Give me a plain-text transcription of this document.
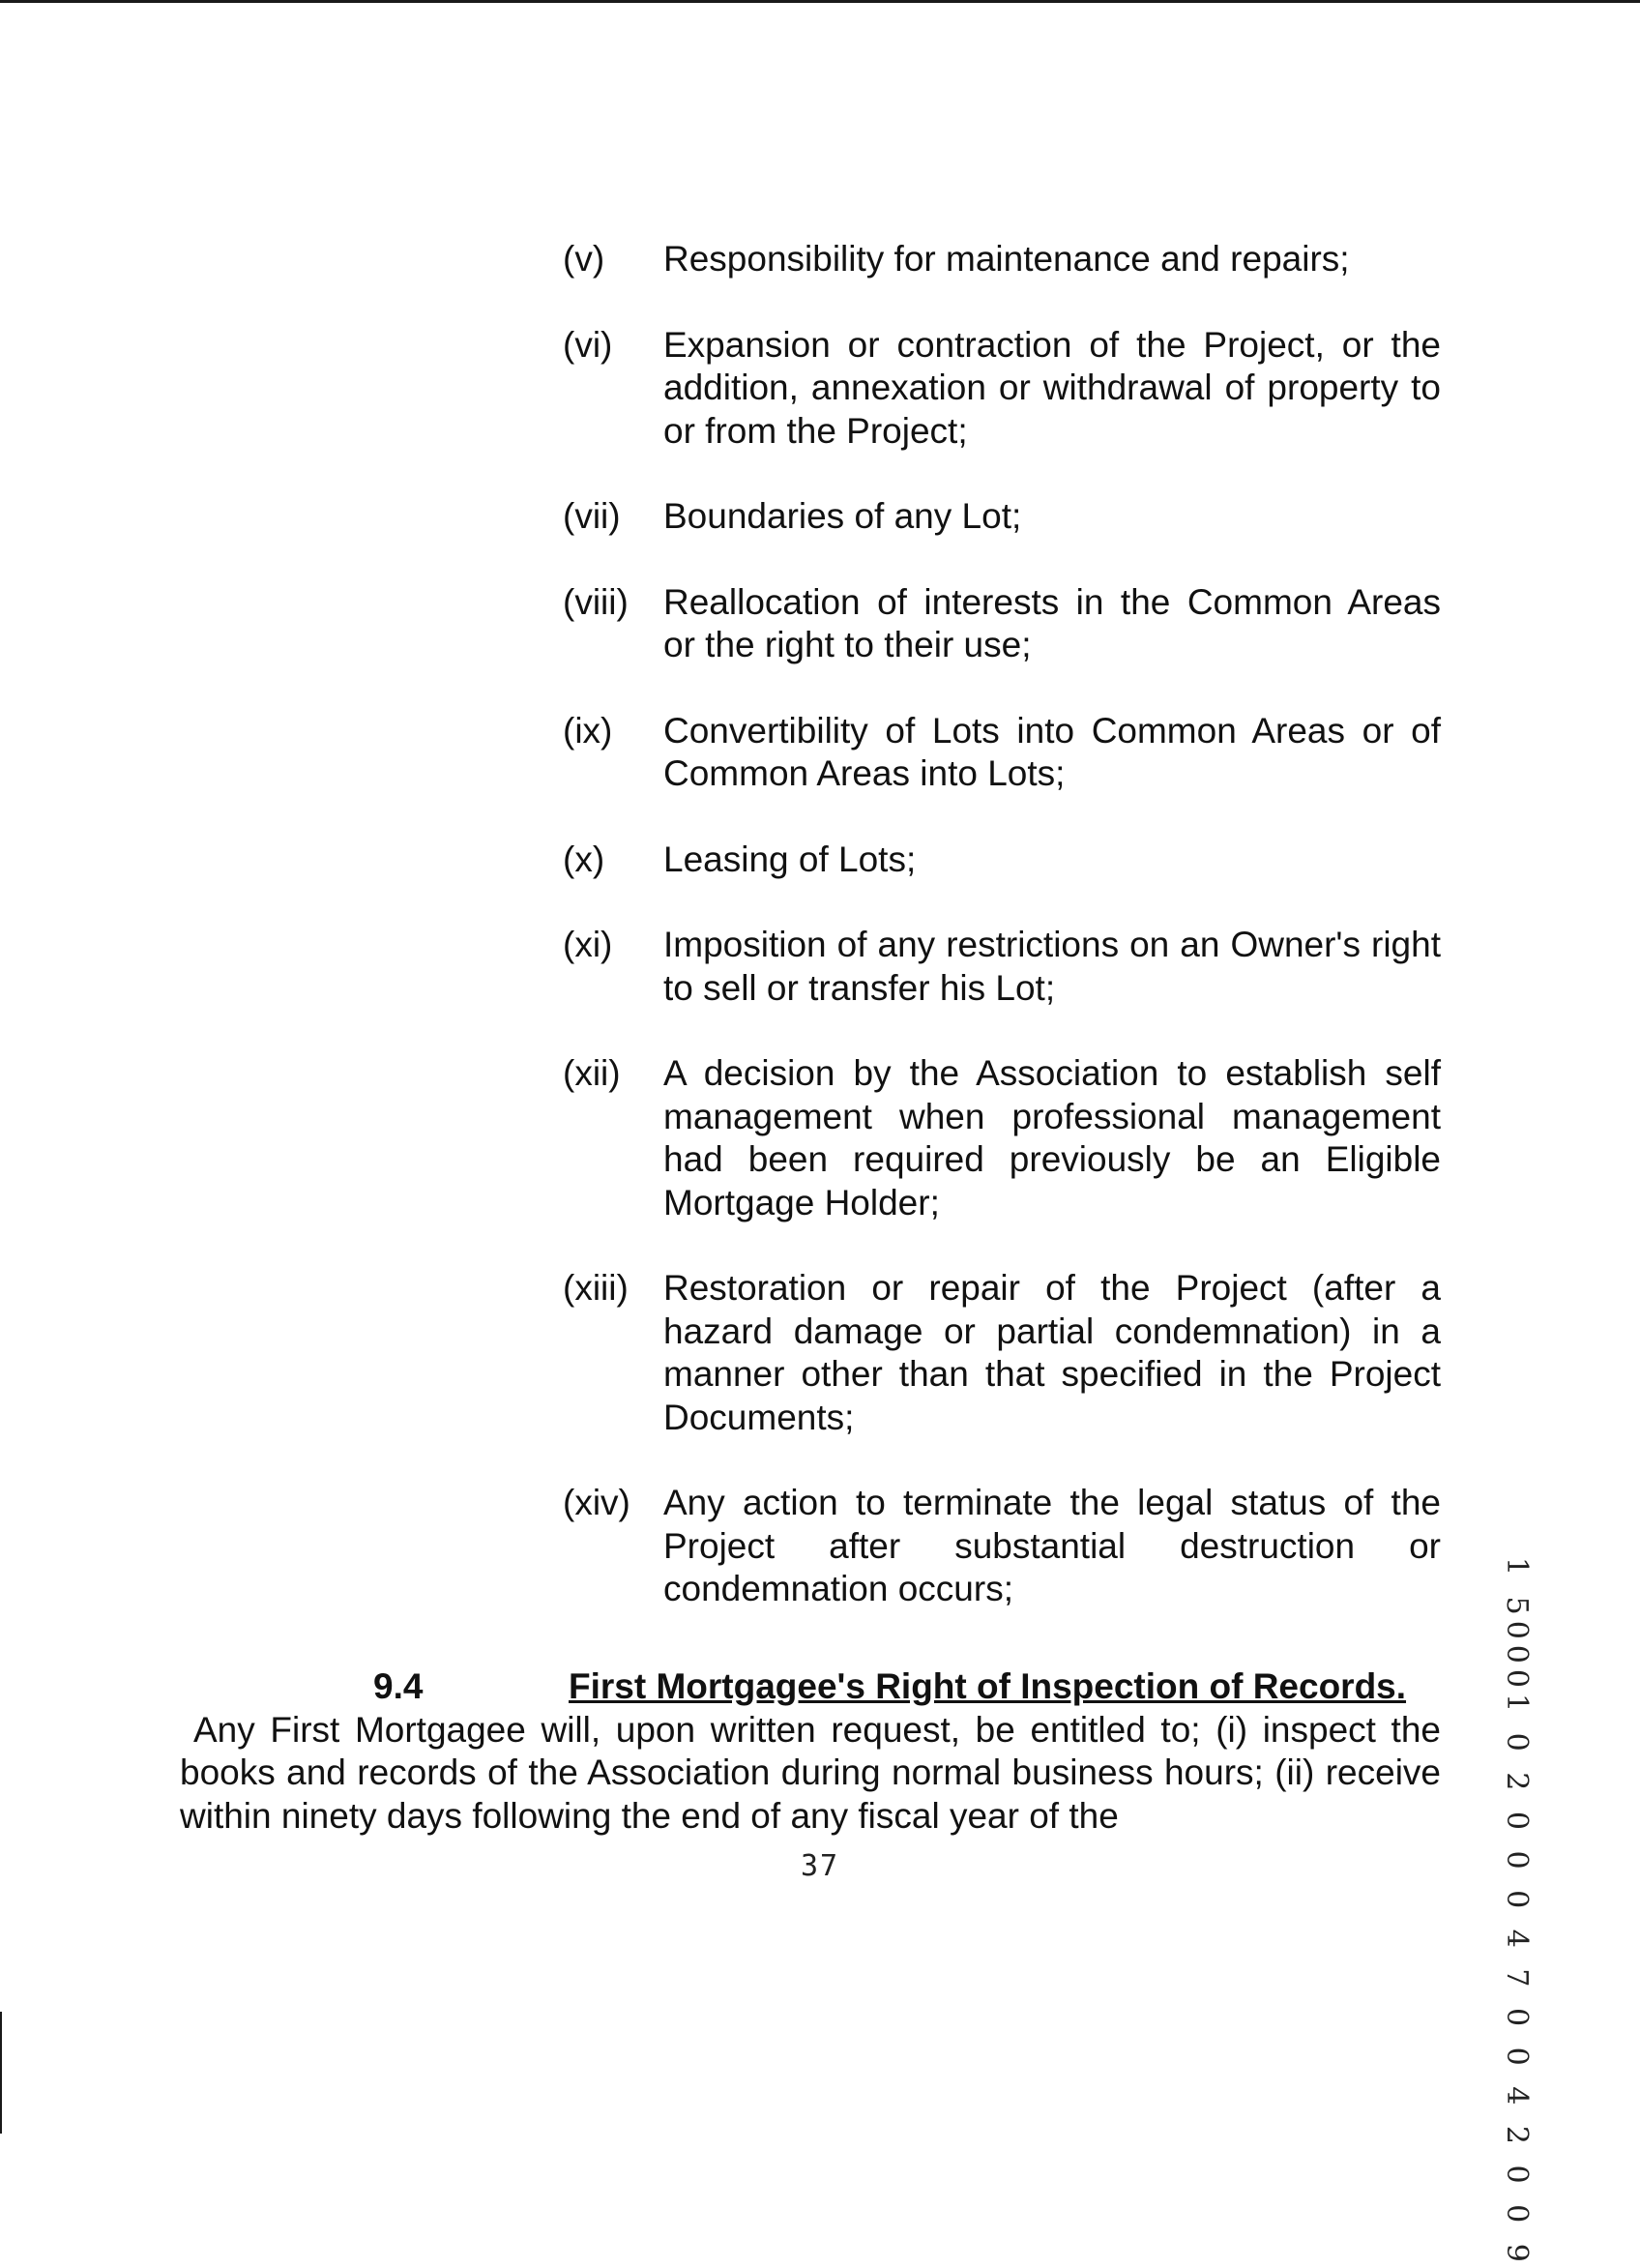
(v)	Responsibility for maintenance and repairs;
(vi)	Expansion or contraction of the Project, or the addition, annexation or withdrawal of property to or from the Project;
(vii)	Boundaries of any Lot;
(viii) Reallocation of interests in the Common Areas or the right to their use;
(ix)	Convertibility of Lots into Common Areas or of Common Areas into Lots;
(x)	Leasing of Lots;
(xi)	Imposition of any restrictions on an Owner's right to sell or transfer his Lot;
(xii)	A decision by the Association to establish self management when professional management had been required previously be an Eligible Mortgage Holder;
(xiii) Restoration or repair of the Project (after a hazard damage or partial condemnation) in a manner other than that specified in the Project Documents;
(xiv) Any action to terminate the legal status of the Project after substantial destruction or condemnation occurs;
9.4	First Mortgagee's Right of Inspection of Records.
Any First Mortgagee will, upon written request, be entitled to; (i) inspect the books and records of the Association during normal business hours; (ii) receive within ninety days following the end of any fiscal year of the
37	1 50001 0 2 0 0 0 4 7 0 0 4 2 0 0 9
